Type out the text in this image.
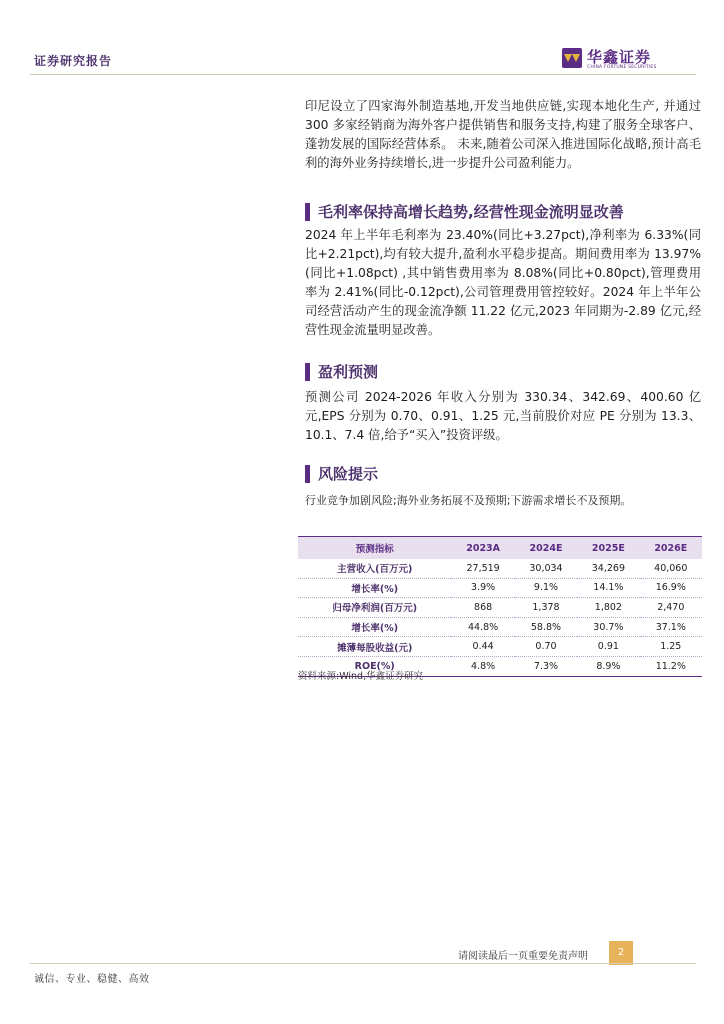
证券研究报告	华鑫证券
CHINA FORTUNE SECURITIES

印尼设立了四家海外制造基地,开发当地供应链,实现本地化生产, 并通过 300 多家经销商为海外客户提供销售和服务支持,构建了服务全球客户、蓬勃发展的国际经营体系。 未来,随着公司深入推进国际化战略,预计高毛利的海外业务持续增长,进一步提升公司盈利能力。

毛利率保持高增长趋势,经营性现金流明显改善

2024 年上半年毛利率为 23.40%(同比+3.27pct),净利率为 6.33%(同比+2.21pct),均有较大提升,盈利水平稳步提高。期间费用率为 13.97%(同比+1.08pct) ,其中销售费用率为 8.08%(同比+0.80pct),管理费用率为 2.41%(同比-0.12pct),公司管理费用管控较好。2024 年上半年公司经营活动产生的现金流净额 11.22 亿元,2023 年同期为-2.89 亿元,经营性现金流量明显改善。

盈利预测

预测公司 2024-2026 年收入分别为 330.34、342.69、400.60 亿元,EPS 分别为 0.70、0.91、1.25 元,当前股价对应 PE 分别为 13.3、10.1、7.4 倍,给予“买入”投资评级。

风险提示

行业竞争加剧风险;海外业务拓展不及预期;下游需求增长不及预期。

预测指标	2023A	2024E	2025E	2026E
主营收入(百万元)	27,519	30,034	34,269	40,060
增长率(%)	3.9%	9.1%	14.1%	16.9%
归母净利润(百万元)	868	1,378	1,802	2,470
增长率(%)	44.8%	58.8%	30.7%	37.1%
摊薄每股收益(元)	0.44	0.70	0.91	1.25
ROE(%)	4.8%	7.3%	8.9%	11.2%
资料来源:Wind,华鑫证券研究
请阅读最后一页重要免责声明	2
诚信、专业、稳健、高效
